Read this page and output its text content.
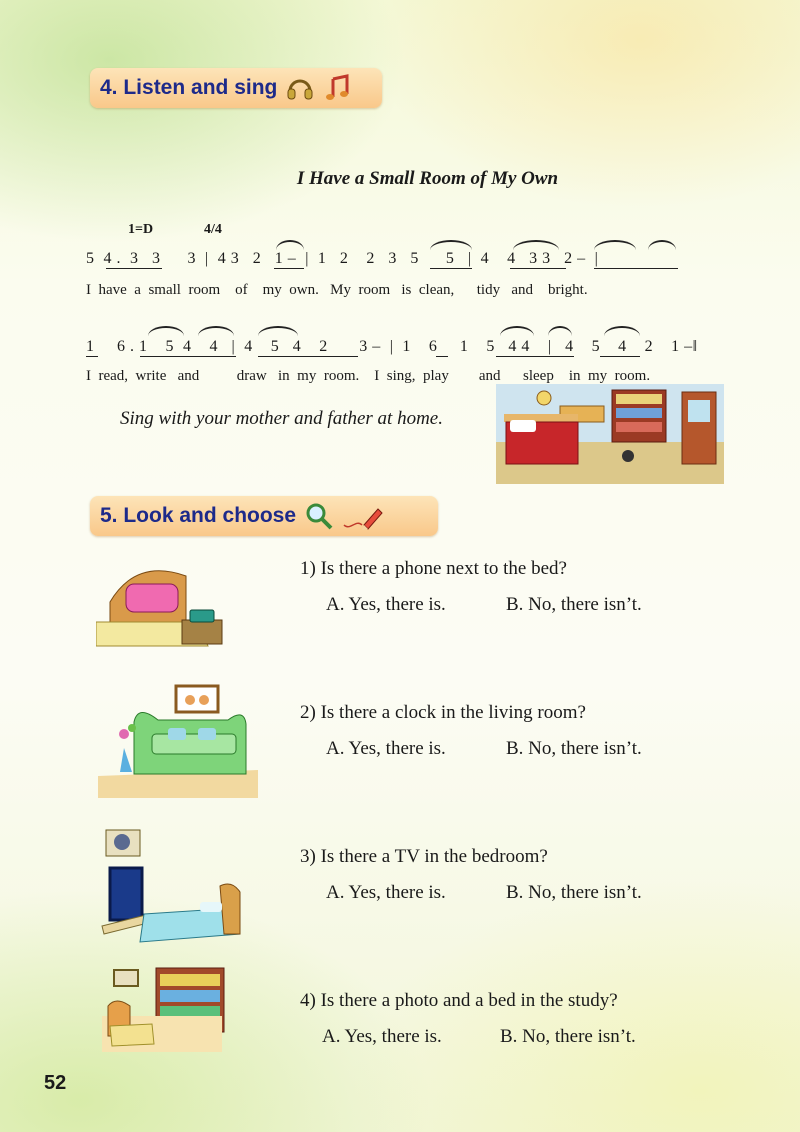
4. Listen and sing
I Have a Small Room of My Own
1=D	4/4
5  4 .  3   3      3  |  4 3   2   1 –  |  1   2    2   3   5      5   |  4    4   3 3   2 –  |
I  have  a  small  room    of    my  own.   My  room   is  clean,      tidy   and    bright.
1     6 . 1    5  4    4   |  4    5   4    2       3 –  |  1    6     1    5   4 4    |   4    5    4    2    1 –‖
I  read,  write   and          draw   in  my  room.    I  sing,  play        and      sleep    in  my  room.
Sing with your mother and father at home.
5. Look and choose
1) Is there a phone next to the bed?
A. Yes, there is.	B. No, there isn’t.
2) Is there a clock in the living room?
A. Yes, there is.	B. No, there isn’t.
3) Is there a TV in the bedroom?
A. Yes, there is.	B. No, there isn’t.
4) Is there a photo and a bed in the study?
A. Yes, there is.	B. No, there isn’t.
52
